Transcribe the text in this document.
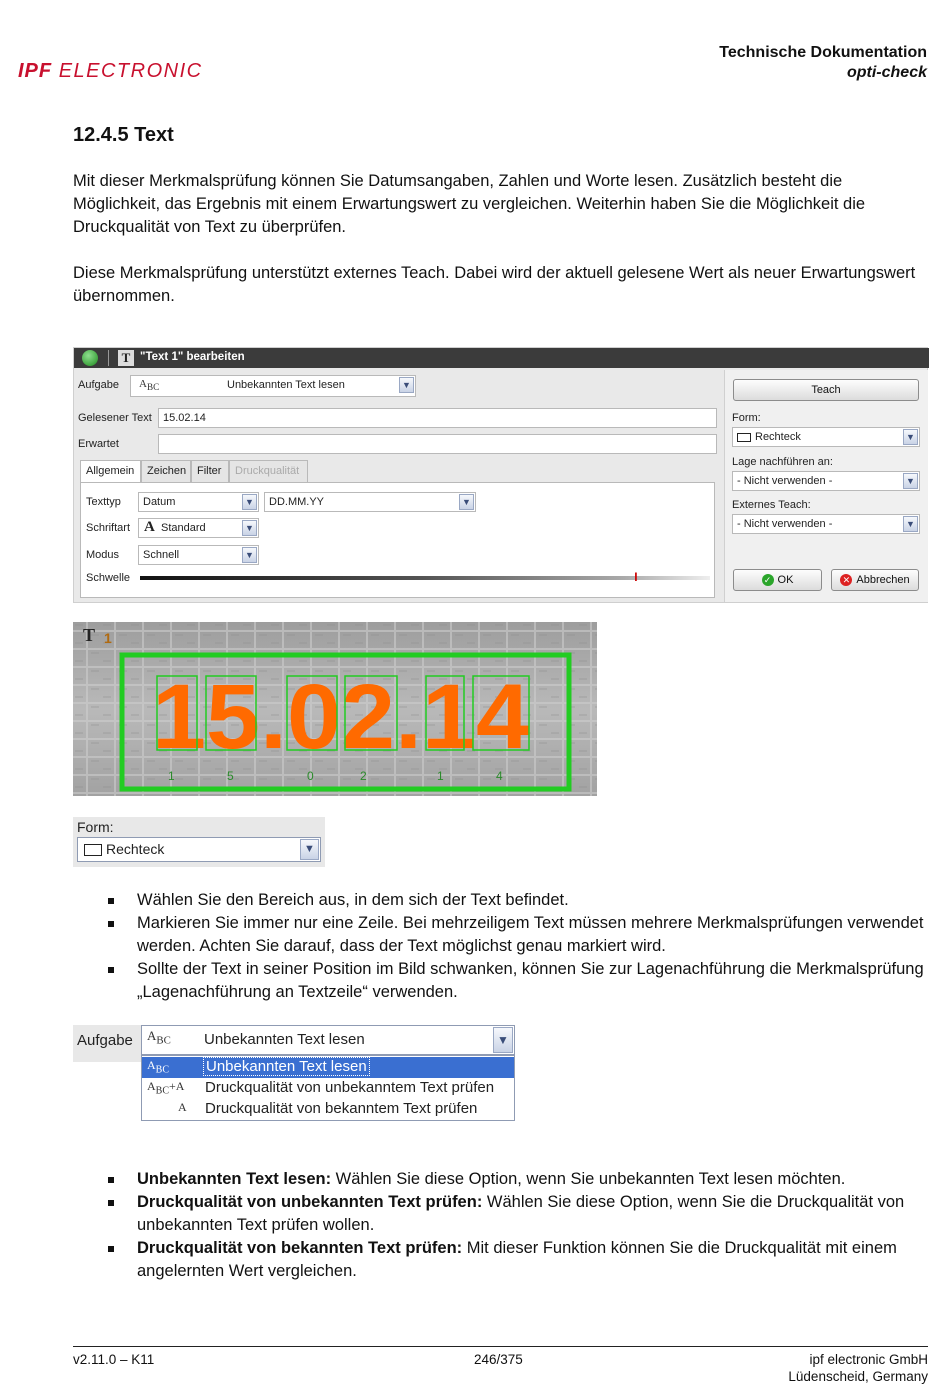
IPF ELECTRONIC
Technische Dokumentation
opti-check
12.4.5 Text
Mit dieser Merkmalsprüfung können Sie Datumsangaben, Zahlen und Worte lesen. Zusätzlich besteht die Möglichkeit, das Ergebnis mit einem Erwartungswert zu vergleichen. Weiterhin haben Sie die Möglichkeit die Druckqualität von Text zu überprüfen.
Diese Merkmalsprüfung unterstützt externes Teach. Dabei wird der aktuell gelesene Wert als neuer Erwartungswert übernommen.
T "Text 1" bearbeiten
Aufgabe $A_{BC}$	Unbekannten Text lesen	▼
Gelesener Text	15.02.14
Erwartet
Allgemein	Zeichen Filter	Druckqualität
Texttyp	Datum	▼	DD.MM.YY	▼
Schriftart A Standard	▼
Modus	Schnell	▼
Schwelle	I
Teach
Form:
Rechteck	▼
Lage nachführen an:
- Nicht verwenden -	▼
Externes Teach:
- Nicht verwenden -	▼
✓ OK	✕ Abbrechen
T 1
15.02.14
1	5	0	2	1	4
Form:
Rechteck	▼
Wählen Sie den Bereich aus, in dem sich der Text befindet.
Markieren Sie immer nur eine Zeile. Bei mehrzeiligem Text müssen mehrere Merkmalsprüfungen verwendet werden. Achten Sie darauf, dass der Text möglichst genau markiert wird.
Sollte der Text in seiner Position im Bild schwanken, können Sie zur Lagenachführung die Merkmalsprüfung „Lagenachführung an Textzeile“ verwenden.
Aufgabe	$A_{BC}$ Unbekannten Text lesen	▼
$A_{BC}$ Unbekannten Text lesen
$A_{BC}+A$ Druckqualität von unbekanntem Text prüfen
A Druckqualität von bekanntem Text prüfen
Unbekannten Text lesen: Wählen Sie diese Option, wenn Sie unbekannten Text lesen möchten.
Druckqualität von unbekannten Text prüfen: Wählen Sie diese Option, wenn Sie die Druckqualität von unbekannten Text prüfen wollen.
Druckqualität von bekannten Text prüfen: Mit dieser Funktion können Sie die Druckqualität mit einem angelernten Wert vergleichen.
v2.11.0 – K11	246/375	ipf electronic GmbH
Lüdenscheid, Germany
